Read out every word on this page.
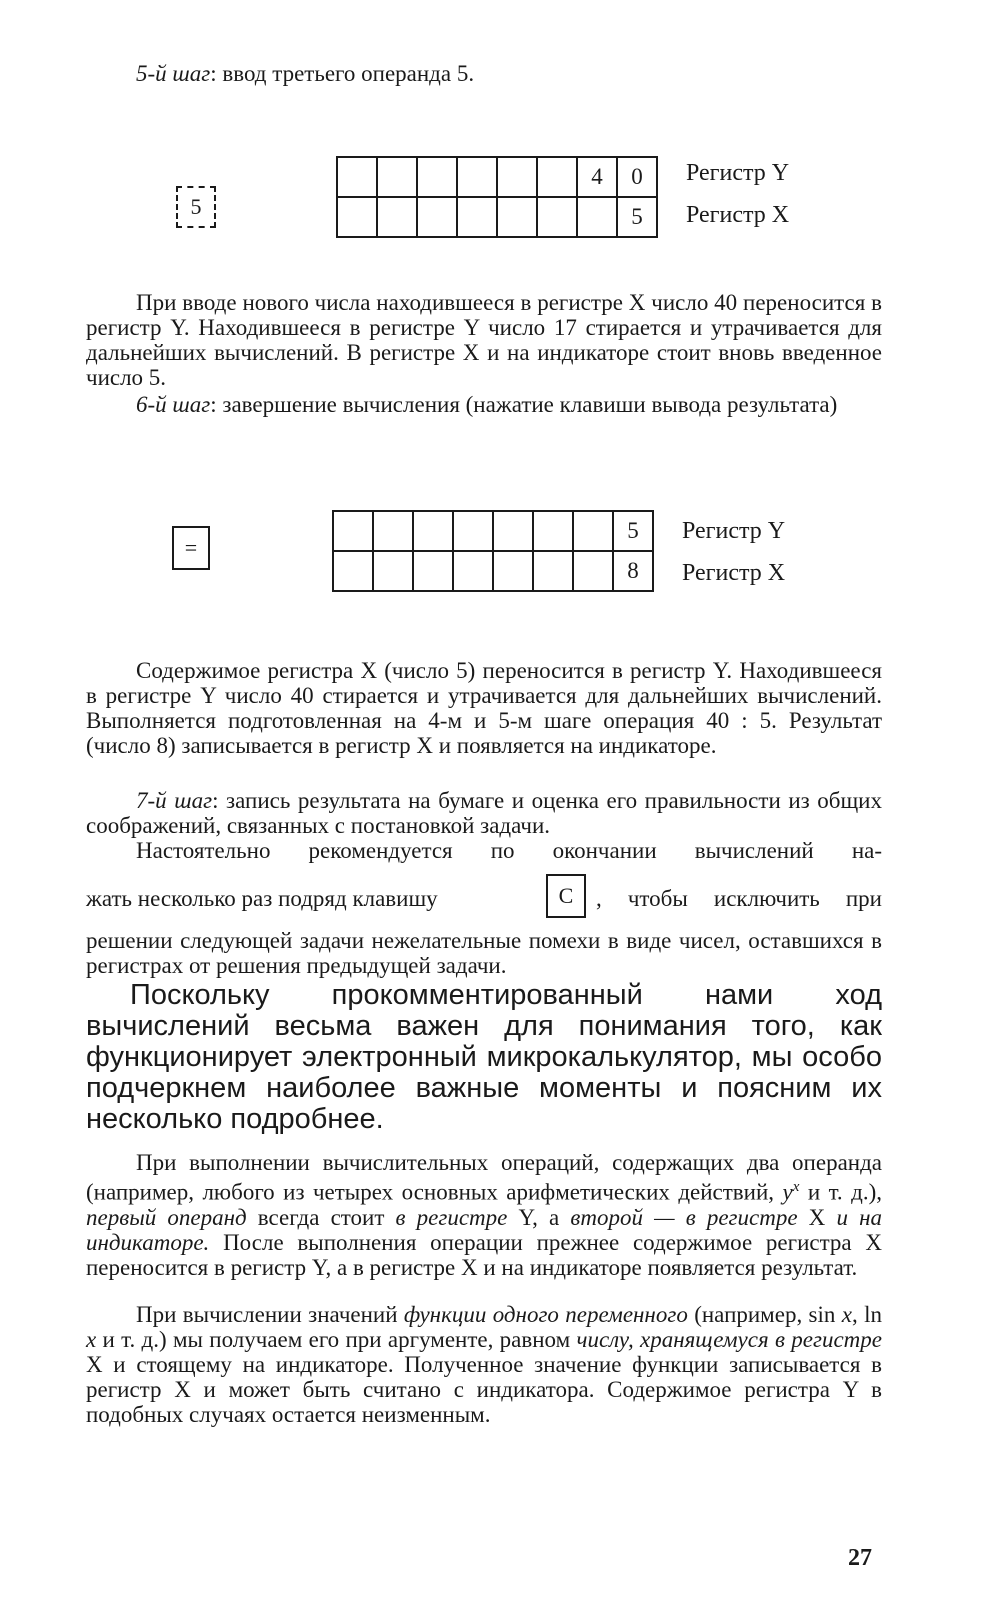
5-й шаг: ввод третьего операнда 5.
5
						4	0
							5
Регистр Y
Регистр X
При вводе нового числа находившееся в регистре X число 40 переносится в регистр Y. Находившееся в регистре Y число 17 стирается и утрачивается для дальнейших вычислений. В регистре X и на индикаторе стоит вновь введенное число 5.
6-й шаг: завершение вычисления (нажатие клавиши вывода результата)
=
							5
							8
Регистр Y
Регистр X
Содержимое регистра X (число 5) переносится в регистр Y. Находившееся в регистре Y число 40 стирается и утрачивается для дальнейших вычислений. Выполняется подготовленная на 4-м и 5-м шаге операция 40 : 5. Результат (число 8) записывается в регистр X и появляется на индикаторе.
7-й шаг: запись результата на бумаге и оценка его правильности из общих соображений, связанных с постановкой задачи.
Настоятельно рекомендуется по окончании вычислений на-
жать несколько раз подряд клавишу	C , чтобы исключить при
решении следующей задачи нежелательные помехи в виде чисел, оставшихся в регистрах от решения предыдущей задачи.
Поскольку прокомментированный нами ход вычислений весьма важен для понимания того, как функционирует электронный микрокалькулятор, мы особо подчеркнем наиболее важные моменты и поясним их несколько подробнее.
При выполнении вычислительных операций, содержащих два операнда (например, любого из четырех основных арифметических действий, $y^x$ и т. д.), первый операнд всегда стоит в регистре Y, а второй — в регистре X и на индикаторе. После выполнения операции прежнее содержимое регистра X переносится в регистр Y, а в регистре X и на индикаторе появляется результат.
При вычислении значений функции одного переменного (например, sin x, ln x и т. д.) мы получаем его при аргументе, равном числу, хранящемуся в регистре X и стоящему на индикаторе. Полученное значение функции записывается в регистр X и может быть считано с индикатора. Содержимое регистра Y в подобных случаях остается неизменным.
27
